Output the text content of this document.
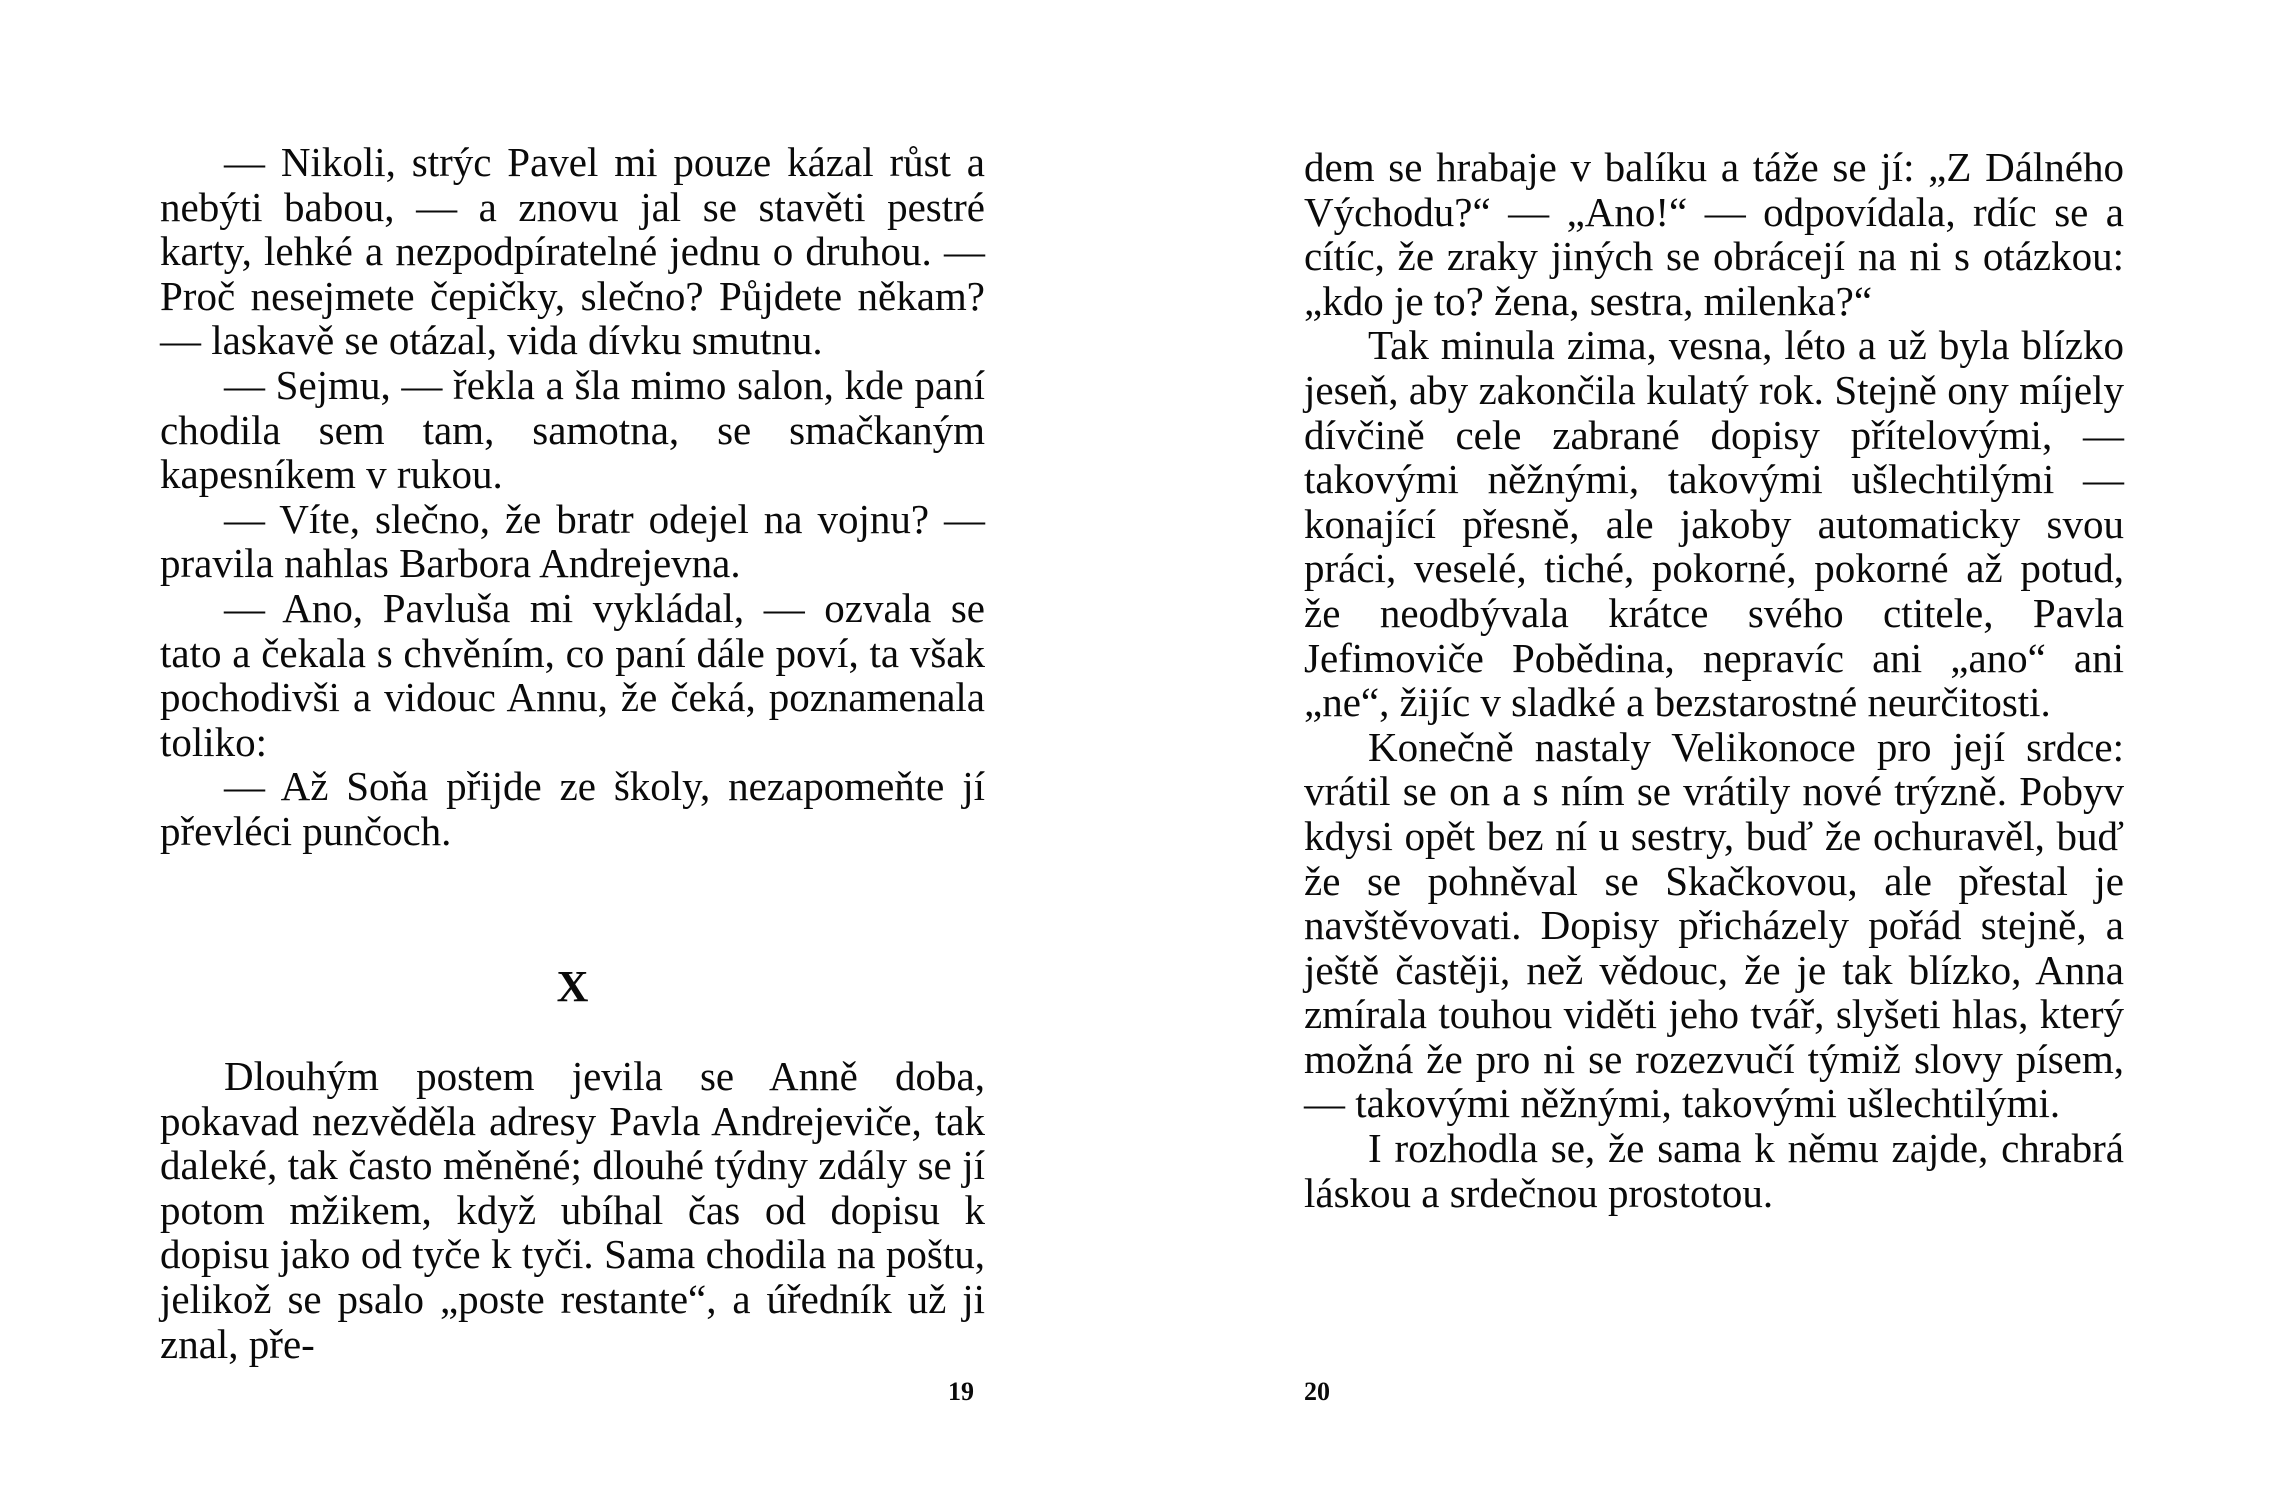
— Nikoli, strýc Pavel mi pouze kázal růst a nebýti babou, — a znovu jal se stavěti pestré karty, lehké a nezpodpíratelné jednu o druhou. — Proč nesejmete čepičky, slečno? Půjdete někam? — laskavě se otázal, vida dívku smutnu.

— Sejmu, — řekla a šla mimo salon, kde paní chodila sem tam, samotna, se smačkaným kapesníkem v rukou.

— Víte, slečno, že bratr odejel na vojnu? — pravila nahlas Barbora Andrejevna.

— Ano, Pavluša mi vykládal, — ozvala se tato a čekala s chvěním, co paní dále poví, ta však pochodivši a vidouc Annu, že čeká, poznamenala toliko:

— Až Soňa přijde ze školy, nezapomeňte jí převléci punčoch.

X

Dlouhým postem jevila se Anně doba, pokavad nezvěděla adresy Pavla Andrejeviče, tak daleké, tak často měněné; dlouhé týdny zdály se jí potom mžikem, když ubíhal čas od dopisu k dopisu jako od tyče k tyči. Sama chodila na poštu, jelikož se psalo „poste restante“, a úředník už ji znal, pře-

19

dem se hrabaje v balíku a táže se jí: „Z Dálného Východu?“ — „Ano!“ — odpovídala, rdíc se a cítíc, že zraky jiných se obrácejí na ni s otázkou: „kdo je to? žena, sestra, milenka?“

Tak minula zima, vesna, léto a už byla blízko jeseň, aby zakončila kulatý rok. Stejně ony míjely dívčině cele zabrané dopisy přítelovými, — takovými něžnými, takovými ušlechtilými — konající přesně, ale jakoby automaticky svou práci, veselé, tiché, pokorné, pokorné až potud, že neodbývala krátce svého ctitele, Pavla Jefimoviče Pobědina, nepravíc ani „ano“ ani „ne“, žijíc v sladké a bezstarostné neurčitosti.

Konečně nastaly Velikonoce pro její srdce: vrátil se on a s ním se vrátily nové trýzně. Pobyv kdysi opět bez ní u sestry, buď že ochuravěl, buď že se pohněval se Skačkovou, ale přestal je navštěvovati. Dopisy přicházely pořád stejně, a ještě častěji, než vědouc, že je tak blízko, Anna zmírala touhou viděti jeho tvář, slyšeti hlas, který možná že pro ni se rozezvučí týmiž slovy písem, — takovými něžnými, takovými ušlechtilými.

I rozhodla se, že sama k němu zajde, chrabrá láskou a srdečnou prostotou.

20
